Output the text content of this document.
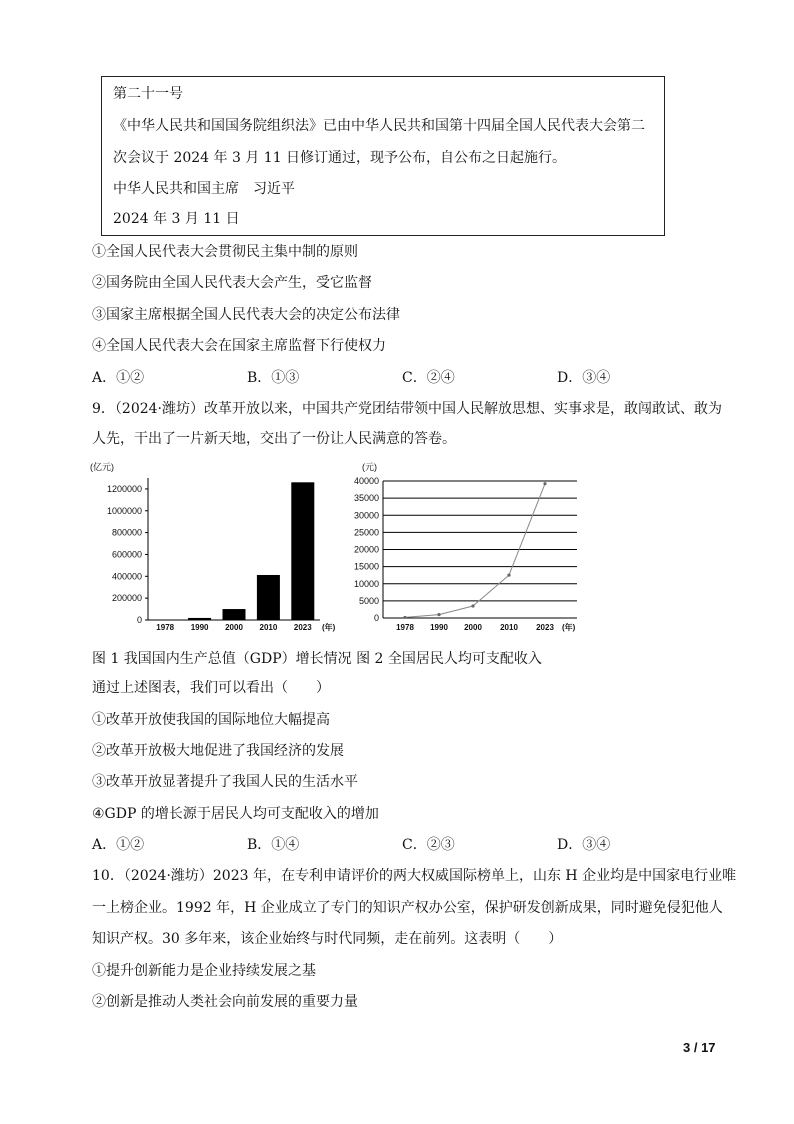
第二十一号
《中华人民共和国国务院组织法》已由中华人民共和国第十四届全国人民代表大会第二
次会议于 2024 年 3 月 11 日修订通过，现予公布，自公布之日起施行。
中华人民共和国主席　习近平
2024 年 3 月 11 日
①全国人民代表大会贯彻民主集中制的原则
②国务院由全国人民代表大会产生，受它监督
③国家主席根据全国人民代表大会的决定公布法律
④全国人民代表大会在国家主席监督下行使权力
A．①②	B．①③	C．②④	D．③④
9．（2024·潍坊）改革开放以来，中国共产党团结带领中国人民解放思想、实事求是，敢闯敢试、敢为
人先，干出了一片新天地，交出了一份让人民满意的答卷。
(亿元)
0
200000
400000
600000
800000
1000000
1200000
1978 1990 2000 2010 2023 (年)
(元)
0
5000
10000
15000
20000
25000
30000
35000
40000
1978 1990 2000 2010 2023 (年)
图 1 我国国内生产总值（GDP）增长情况 图 2 全国居民人均可支配收入
通过上述图表，我们可以看出（　　）
①改革开放使我国的国际地位大幅提高
②改革开放极大地促进了我国经济的发展
③改革开放显著提升了我国人民的生活水平
④GDP 的增长源于居民人均可支配收入的增加
A．①②	B．①④	C．②③	D．③④
10．（2024·潍坊）2023 年，在专利申请评价的两大权威国际榜单上，山东 H 企业均是中国家电行业唯
一上榜企业。1992 年，H 企业成立了专门的知识产权办公室，保护研发创新成果，同时避免侵犯他人
知识产权。30 多年来，该企业始终与时代同频，走在前列。这表明（　　）
①提升创新能力是企业持续发展之基
②创新是推动人类社会向前发展的重要力量
3 / 17
